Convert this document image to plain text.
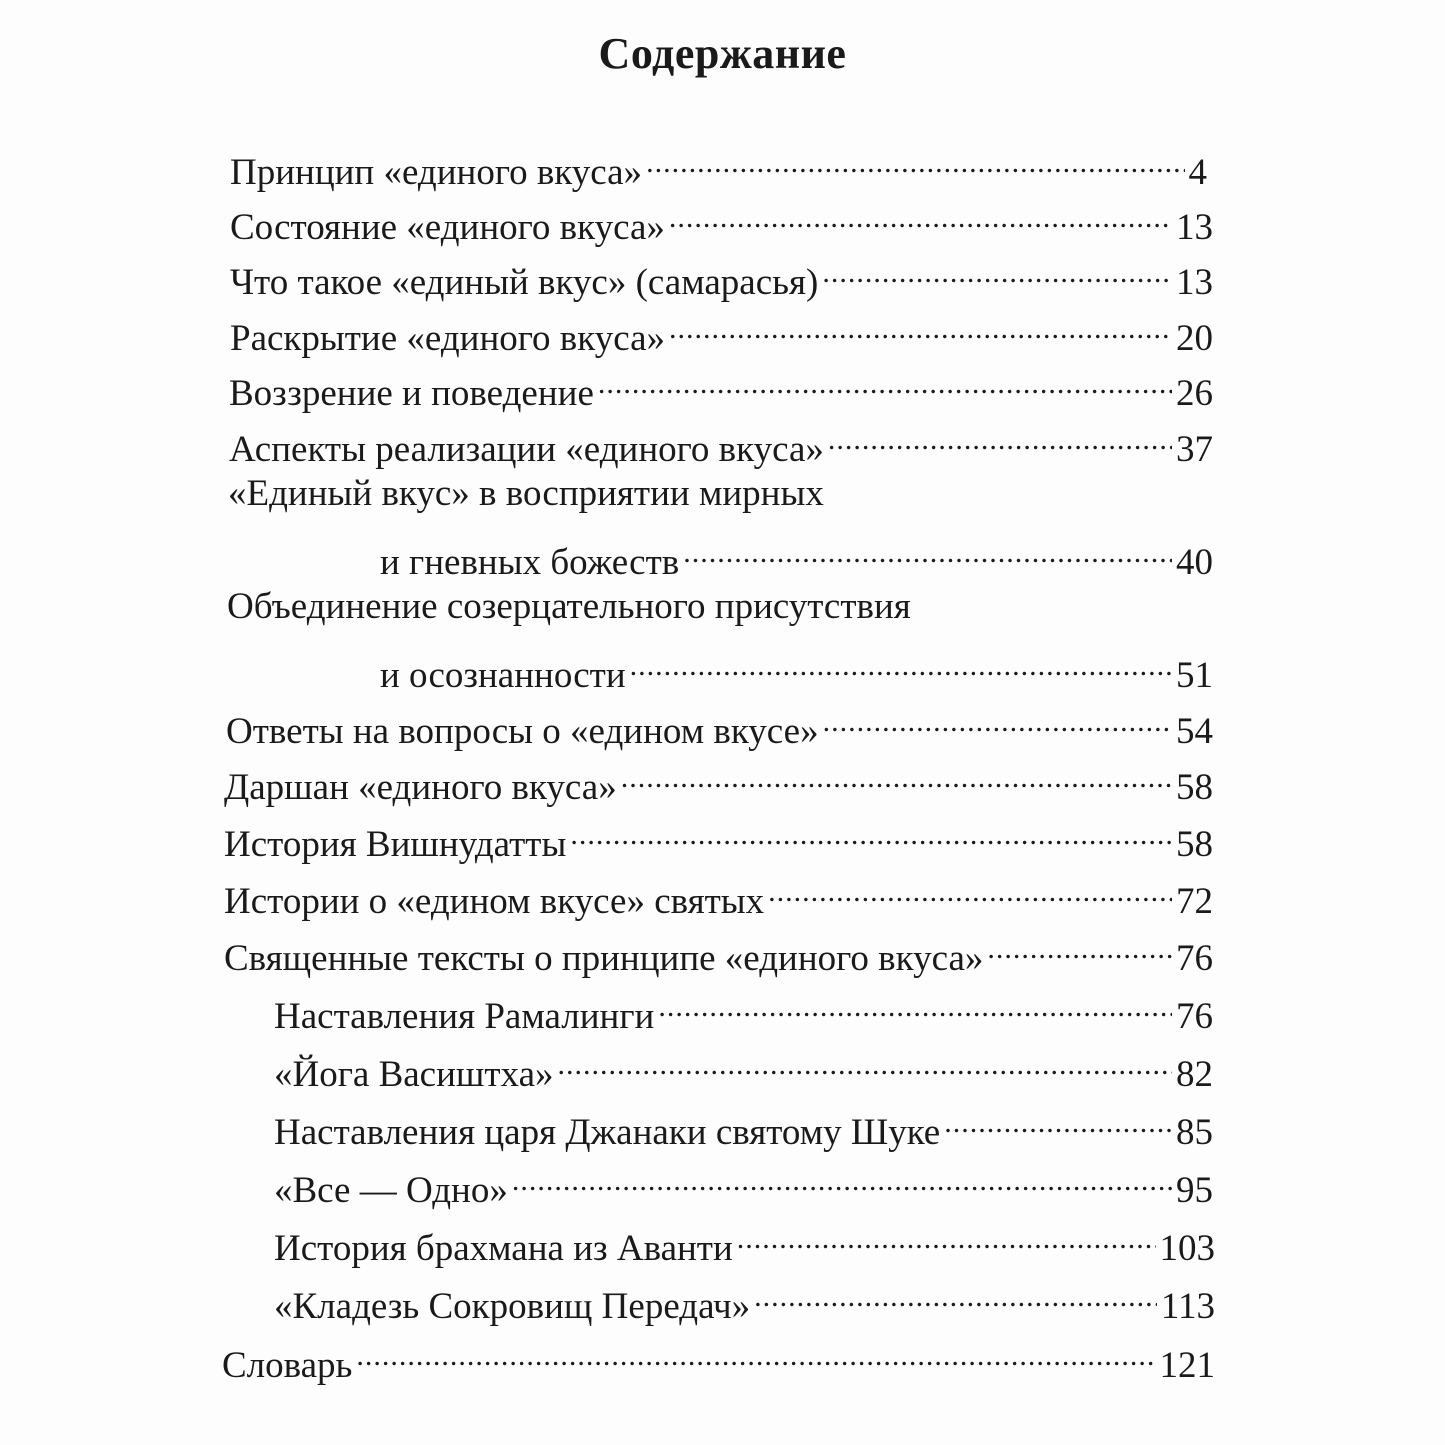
Содержание
Принцип «единого вкуса» .....	4
Состояние «единого вкуса» .....	13
Что такое «единый вкус» (самарасья) .....	13
Раскрытие «единого вкуса» .....	20
Воззрение и поведение .....	26
Аспекты реализации «единого вкуса» .....	37
«Единый вкус» в восприятии мирных
и гневных божеств .....	40
Объединение созерцательного присутствия
и осознанности .....	51
Ответы на вопросы о «едином вкусе» .....	54
Даршан «единого вкуса» .....	58
История Вишнудатты .....	58
Истории о «едином вкусе» святых .....	72
Священные тексты о принципе «единого вкуса» .....	76
Наставления Рамалинги .....	76
«Йога Васиштха» .....	82
Наставления царя Джанаки святому Шуке .....	85
«Все — Одно» .....	95
История брахмана из Аванти .....	103
«Кладезь Сокровищ Передач» .....	113
Словарь .....	121
